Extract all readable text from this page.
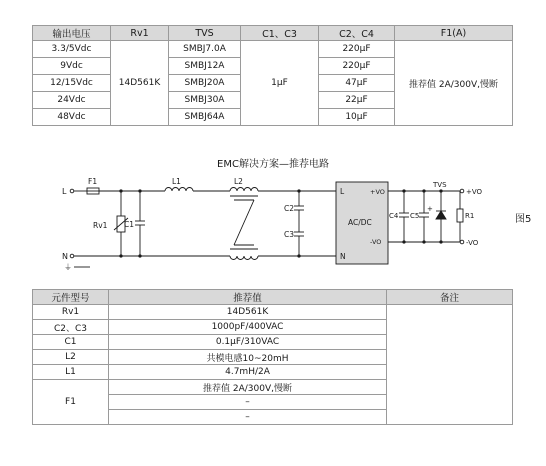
输出电压	Rv1	TVS	C1、C3	C2、C4	F1(A)
3.3/5Vdc	14D561K	SMBJ7.0A	1μF	220μF	推荐值 2A/300V,慢断
9Vdc		SMBJ12A		220μF	
12/15Vdc		SMBJ20A		47μF	
24Vdc		SMBJ30A		22μF	
48Vdc		SMBJ64A		10μF	
EMC解决方案—推荐电路
图5
L
F1	L1	L2
N
⏚
Rv1 C1
C2
C3
L
N
AC/DC
+VO
-VO
C4 C5
+
TVS
R1
+VO
-VO
元件型号	推荐值	备注
Rv1	14D561K	
C2、C3	1000pF/400VAC	
C1	0.1μF/310VAC	
L2	共模电感10~20mH	
L1	4.7mH/2A	
F1	推荐值 2A/300V,慢断	
	–	
	–	
